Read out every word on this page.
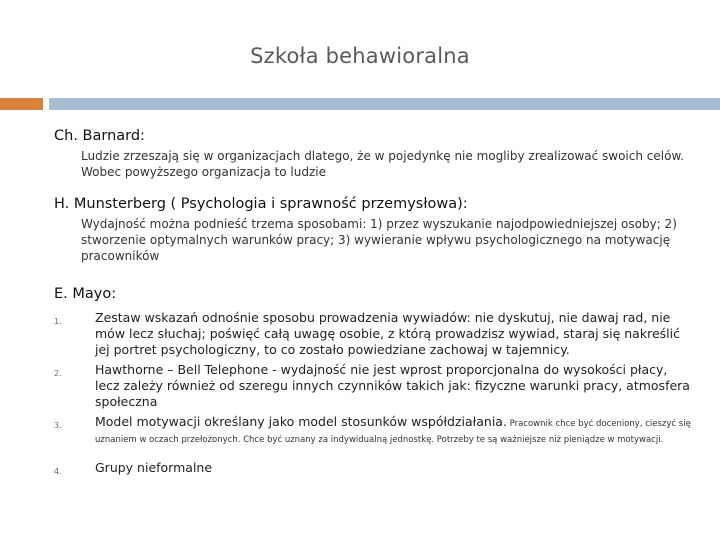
Szkoła behawioralna
Ch. Barnard:
Ludzie zrzeszają się w organizacjach dlatego, że w pojedynkę nie mogliby zrealizować swoich celów. Wobec powyższego organizacja to ludzie
H. Munsterberg ( Psychologia i sprawność przemysłowa):
Wydajność można podnieść trzema sposobami: 1) przez wyszukanie najodpowiedniejszej osoby; 2) stworzenie optymalnych warunków pracy; 3) wywieranie wpływu psychologicznego na motywację pracowników
E. Mayo:
1.	Zestaw wskazań odnośnie sposobu prowadzenia wywiadów: nie dyskutuj, nie dawaj rad, nie mów lecz słuchaj; poświęć całą uwagę osobie, z którą prowadzisz wywiad, staraj się nakreślić jej portret psychologiczny, to co zostało powiedziane zachowaj w tajemnicy.
2.	Hawthorne – Bell Telephone - wydajność nie jest wprost proporcjonalna do wysokości płacy, lecz zależy również od szeregu innych czynników takich jak: fizyczne warunki pracy, atmosfera społeczna
3.	Model motywacji określany jako model stosunków współdziałania. Pracownik chce być doceniony, cieszyć się uznaniem w oczach przełożonych. Chce być uznany za indywidualną jednostkę. Potrzeby te są ważniejsze niż pieniądze w motywacji.
4.	Grupy nieformalne
